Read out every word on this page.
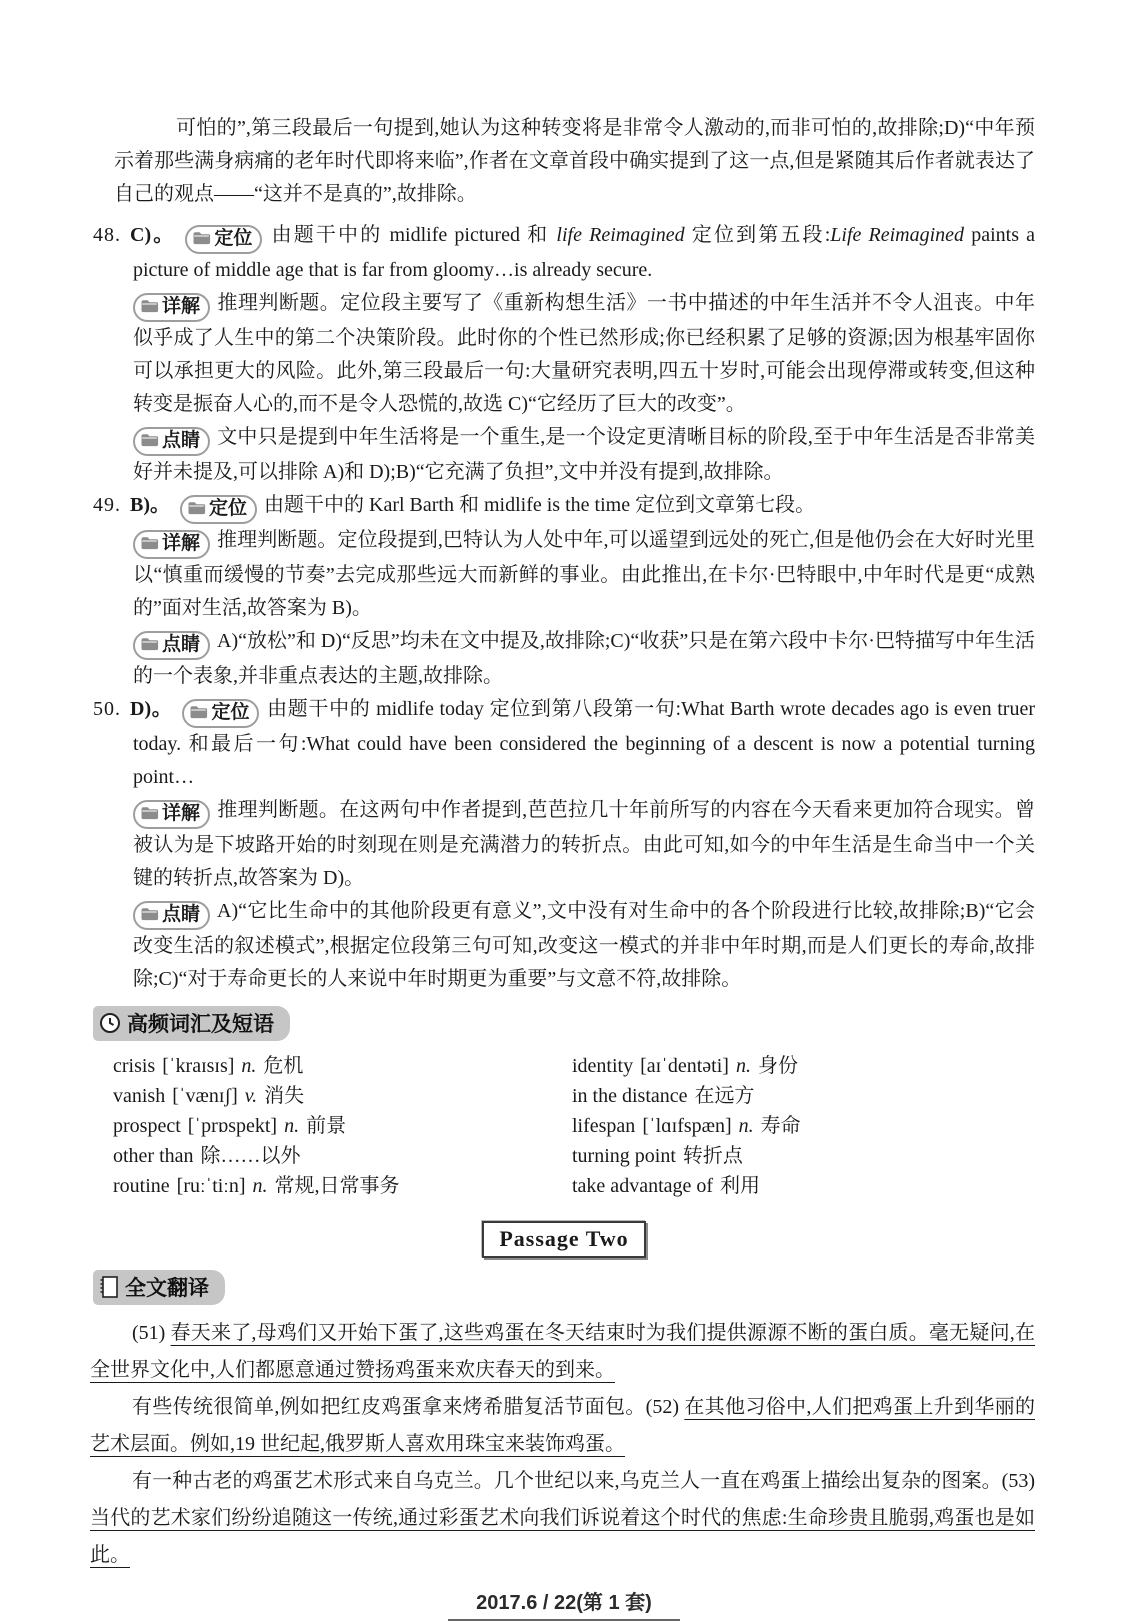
可怕的”,第三段最后一句提到,她认为这种转变将是非常令人激动的,而非可怕的,故排除;D)“中年预示着那些满身病痛的老年时代即将来临”,作者在文章首段中确实提到了这一点,但是紧随其后作者就表达了自己的观点——“这并不是真的”,故排除。

48. C)。 定位 由题干中的 midlife pictured 和 life Reimagined 定位到第五段:Life Reimagined paints a picture of middle age that is far from gloomy…is already secure.

详解 推理判断题。定位段主要写了《重新构想生活》一书中描述的中年生活并不令人沮丧。中年似乎成了人生中的第二个决策阶段。此时你的个性已然形成;你已经积累了足够的资源;因为根基牢固你可以承担更大的风险。此外,第三段最后一句:大量研究表明,四五十岁时,可能会出现停滞或转变,但这种转变是振奋人心的,而不是令人恐慌的,故选 C)“它经历了巨大的改变”。

点睛 文中只是提到中年生活将是一个重生,是一个设定更清晰目标的阶段,至于中年生活是否非常美好并未提及,可以排除 A)和 D);B)“它充满了负担”,文中并没有提到,故排除。

49. B)。 定位 由题干中的 Karl Barth 和 midlife is the time 定位到文章第七段。

详解 推理判断题。定位段提到,巴特认为人处中年,可以遥望到远处的死亡,但是他仍会在大好时光里以“慎重而缓慢的节奏”去完成那些远大而新鲜的事业。由此推出,在卡尔·巴特眼中,中年时代是更“成熟的”面对生活,故答案为 B)。

点睛 A)“放松”和 D)“反思”均未在文中提及,故排除;C)“收获”只是在第六段中卡尔·巴特描写中年生活的一个表象,并非重点表达的主题,故排除。

50. D)。 定位 由题干中的 midlife today 定位到第八段第一句:What Barth wrote decades ago is even truer today. 和最后一句:What could have been considered the beginning of a descent is now a potential turning point…

详解 推理判断题。在这两句中作者提到,芭芭拉几十年前所写的内容在今天看来更加符合现实。曾被认为是下坡路开始的时刻现在则是充满潜力的转折点。由此可知,如今的中年生活是生命当中一个关键的转折点,故答案为 D)。

点睛 A)“它比生命中的其他阶段更有意义”,文中没有对生命中的各个阶段进行比较,故排除;B)“它会改变生活的叙述模式”,根据定位段第三句可知,改变这一模式的并非中年时期,而是人们更长的寿命,故排除;C)“对于寿命更长的人来说中年时期更为重要”与文意不符,故排除。

高频词汇及短语

crisis [ˈkraɪsɪs] n. 危机

vanish [ˈvænɪʃ] v. 消失

prospect [ˈprɒspekt] n. 前景

other than 除……以外

routine [ruːˈtiːn] n. 常规,日常事务

identity [aɪˈdentəti] n. 身份

in the distance 在远方

lifespan [ˈlɑɪfspæn] n. 寿命

turning point 转折点

take advantage of 利用

Passage Two
全文翻译

(51) 春天来了,母鸡们又开始下蛋了,这些鸡蛋在冬天结束时为我们提供源源不断的蛋白质。毫无疑问,在全世界文化中,人们都愿意通过赞扬鸡蛋来欢庆春天的到来。

有些传统很简单,例如把红皮鸡蛋拿来烤希腊复活节面包。(52) 在其他习俗中,人们把鸡蛋上升到华丽的艺术层面。例如,19 世纪起,俄罗斯人喜欢用珠宝来装饰鸡蛋。

有一种古老的鸡蛋艺术形式来自乌克兰。几个世纪以来,乌克兰人一直在鸡蛋上描绘出复杂的图案。(53) 当代的艺术家们纷纷追随这一传统,通过彩蛋艺术向我们诉说着这个时代的焦虑:生命珍贵且脆弱,鸡蛋也是如此。

2017.6 / 22(第 1 套)
